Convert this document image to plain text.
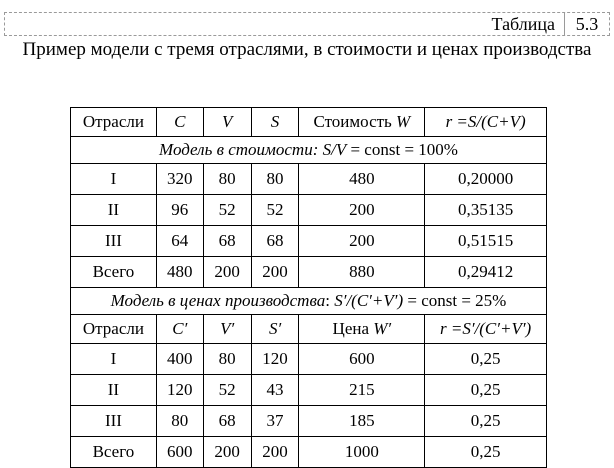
Таблица	5.3
Пример модели с тремя отраслями, в стоимости и ценах производства
Отрасли	C	V	S	Стоимость W	r =S/(C+V)
Модель в стоимости: S/V = const = 100%					
I	320	80	80	480	0,20000
II	96	52	52	200	0,35135
III	64	68	68	200	0,51515
Всего	480	200	200	880	0,29412
Модель в ценах производства: S′/(C′+V′) = const = 25%					
Отрасли	C′	V′	S′	Цена W′	r =S′/(C′+V′)
I	400	80	120	600	0,25
II	120	52	43	215	0,25
III	80	68	37	185	0,25
Всего	600	200	200	1000	0,25
